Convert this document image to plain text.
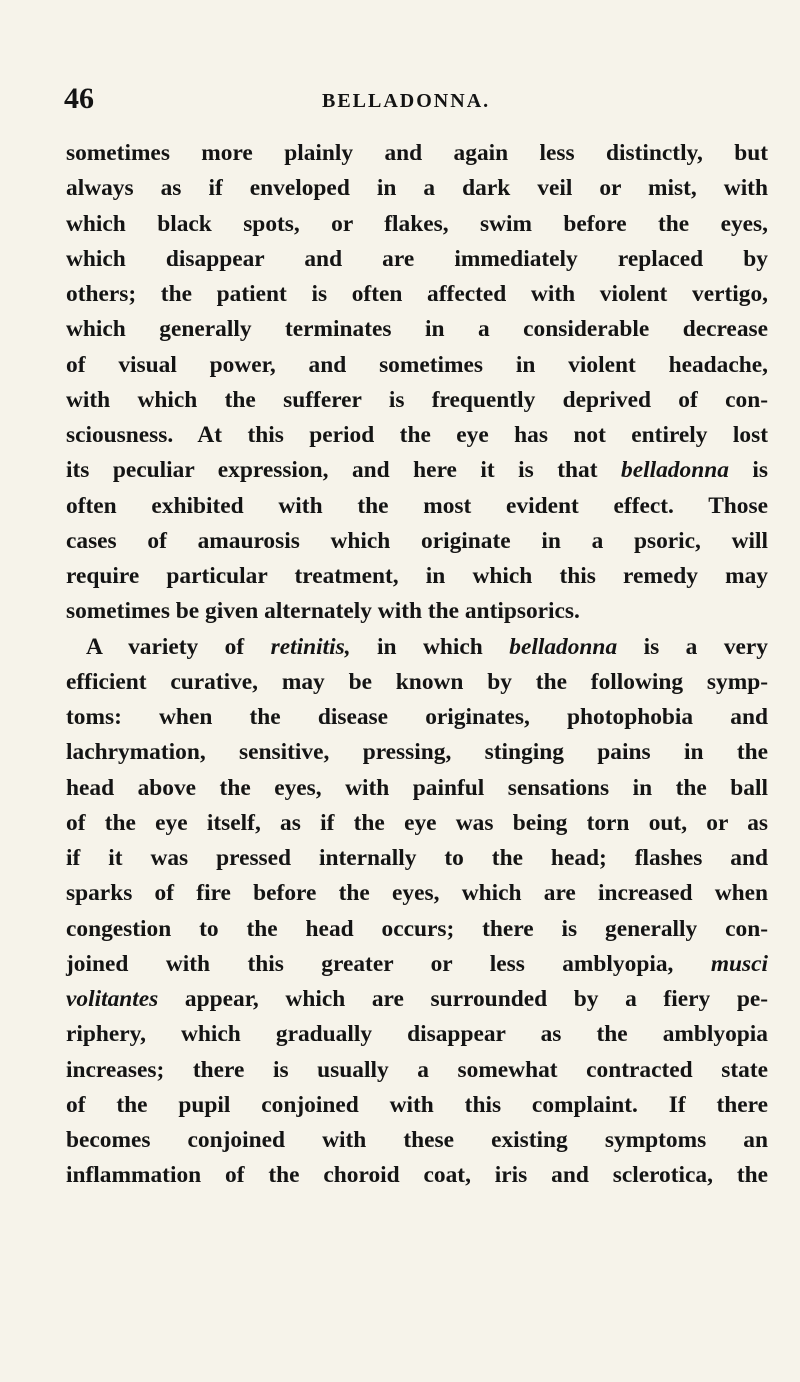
46	BELLADONNA.
sometimes more plainly and again less distinctly, but
always as if enveloped in a dark veil or mist, with
which black spots, or flakes, swim before the eyes,
which disappear and are immediately replaced by
others; the patient is often affected with violent vertigo,
which generally terminates in a considerable decrease
of visual power, and sometimes in violent headache,
with which the sufferer is frequently deprived of con-
sciousness. At this period the eye has not entirely lost
its peculiar expression, and here it is that belladonna is
often exhibited with the most evident effect. Those
cases of amaurosis which originate in a psoric, will
require particular treatment, in which this remedy may
sometimes be given alternately with the antipsorics.
A variety of retinitis, in which belladonna is a very
efficient curative, may be known by the following symp-
toms: when the disease originates, photophobia and
lachrymation, sensitive, pressing, stinging pains in the
head above the eyes, with painful sensations in the ball
of the eye itself, as if the eye was being torn out, or as
if it was pressed internally to the head; flashes and
sparks of fire before the eyes, which are increased when
congestion to the head occurs; there is generally con-
joined with this greater or less amblyopia, musci
volitantes appear, which are surrounded by a fiery pe-
riphery, which gradually disappear as the amblyopia
increases; there is usually a somewhat contracted state
of the pupil conjoined with this complaint. If there
becomes conjoined with these existing symptoms an
inflammation of the choroid coat, iris and sclerotica, the
